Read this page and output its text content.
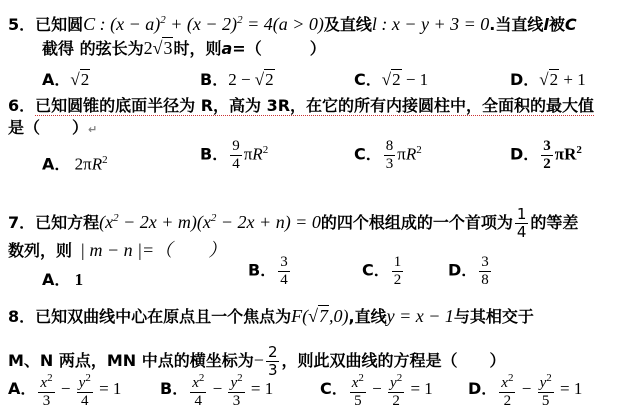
5．已知圆C : $(x - a)^2 + (x - 2)^2 = 4(a > 0)$及直线l : x − y + 3 = 0.当直线l被C
截得 的弦长为2√3时，则a=（　　　）
A．√2	B．2 − √2	C．√2 − 1	D．√2 + 1
6．已知圆锥的底面半径为 R，高为 3R，在它的所有内接圆柱中，全面积的最大值
是（　　）↵
A． $2\pi R^2$	B． $\frac{9}{4} \pi R^2$	C． $\frac{8}{3} \pi R^2$	D． $\frac{3}{2} \pi R^2$
7．已知方程$(x^2 - 2x + m)(x^2 - 2x + n) = 0$的四个根组成的一个首项为 $\frac{1}{4}$ 的等差
数列，则 | m − n |=（　　）
A． 1
B． $\frac{3}{4}$	C． $\frac{1}{2}$	D． $\frac{3}{8}$
8．已知双曲线中心在原点且一个焦点为F(√7,0),直线y = x − 1与其相交于
M、N 两点，MN 中点的横坐标为− $\frac{2}{3}$ ，则此双曲线的方程是（　　）
A． $\frac{x^2}{3} - \frac{y^2}{4} = 1$ B． $\frac{x^2}{4} - \frac{y^2}{3} = 1$	C． $\frac{x^2}{5} - \frac{y^2}{2} = 1$ D． $\frac{x^2}{2} - \frac{y^2}{5} = 1$
